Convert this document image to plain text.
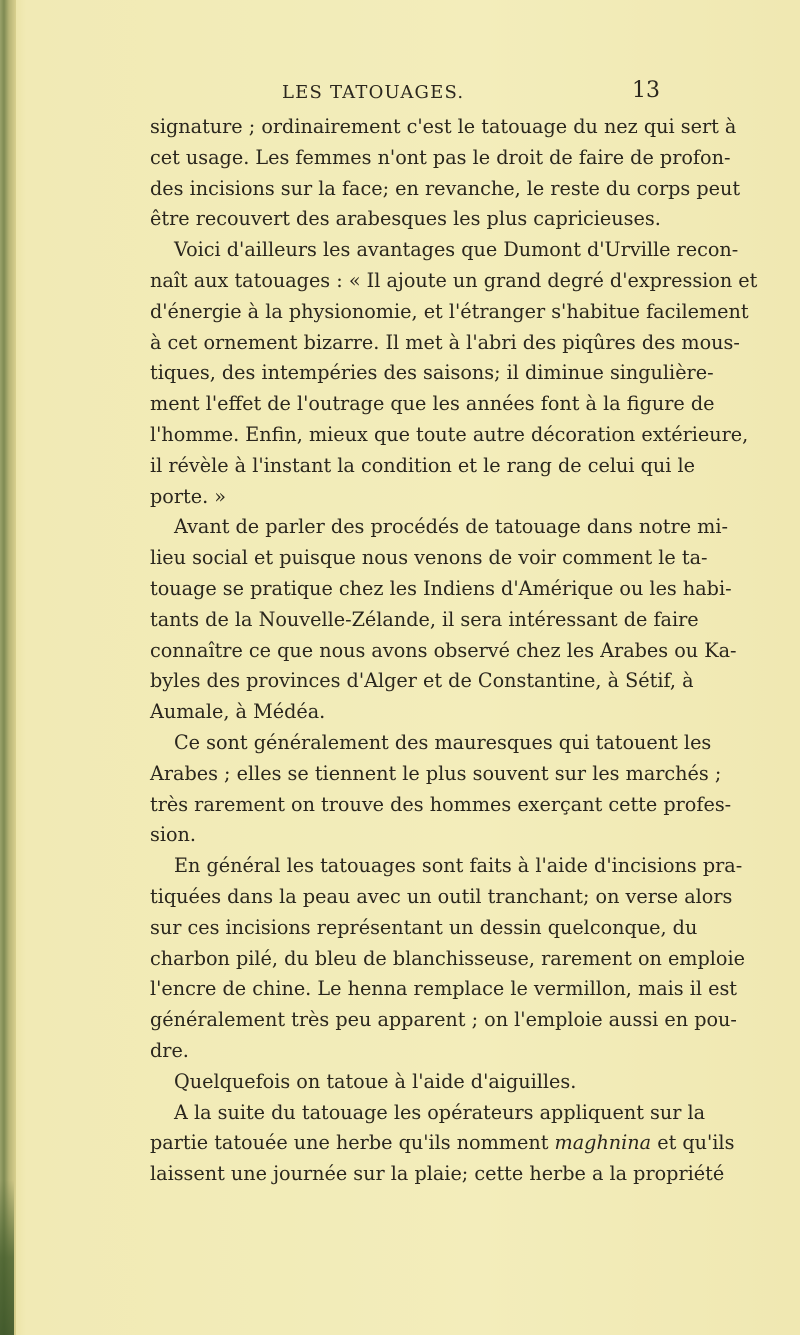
LES TATOUAGES.	13
signature ; ordinairement c'est le tatouage du nez qui sert à
cet usage. Les femmes n'ont pas le droit de faire de profon-
des incisions sur la face; en revanche, le reste du corps peut
être recouvert des arabesques les plus capricieuses.
Voici d'ailleurs les avantages que Dumont d'Urville recon-
naît aux tatouages : « Il ajoute un grand degré d'expression et
d'énergie à la physionomie, et l'étranger s'habitue facilement
à cet ornement bizarre. Il met à l'abri des piqûres des mous-
tiques, des intempéries des saisons; il diminue singulière-
ment l'effet de l'outrage que les années font à la figure de
l'homme. Enfin, mieux que toute autre décoration extérieure,
il révèle à l'instant la condition et le rang de celui qui le
porte. »
Avant de parler des procédés de tatouage dans notre mi-
lieu social et puisque nous venons de voir comment le ta-
touage se pratique chez les Indiens d'Amérique ou les habi-
tants de la Nouvelle-Zélande, il sera intéressant de faire
connaître ce que nous avons observé chez les Arabes ou Ka-
byles des provinces d'Alger et de Constantine, à Sétif, à
Aumale, à Médéa.
Ce sont généralement des mauresques qui tatouent les
Arabes ; elles se tiennent le plus souvent sur les marchés ;
très rarement on trouve des hommes exerçant cette profes-
sion.
En général les tatouages sont faits à l'aide d'incisions pra-
tiquées dans la peau avec un outil tranchant; on verse alors
sur ces incisions représentant un dessin quelconque, du
charbon pilé, du bleu de blanchisseuse, rarement on emploie
l'encre de chine. Le henna remplace le vermillon, mais il est
généralement très peu apparent ; on l'emploie aussi en pou-
dre.
Quelquefois on tatoue à l'aide d'aiguilles.
A la suite du tatouage les opérateurs appliquent sur la
partie tatouée une herbe qu'ils nomment maghnina et qu'ils
laissent une journée sur la plaie; cette herbe a la propriété
